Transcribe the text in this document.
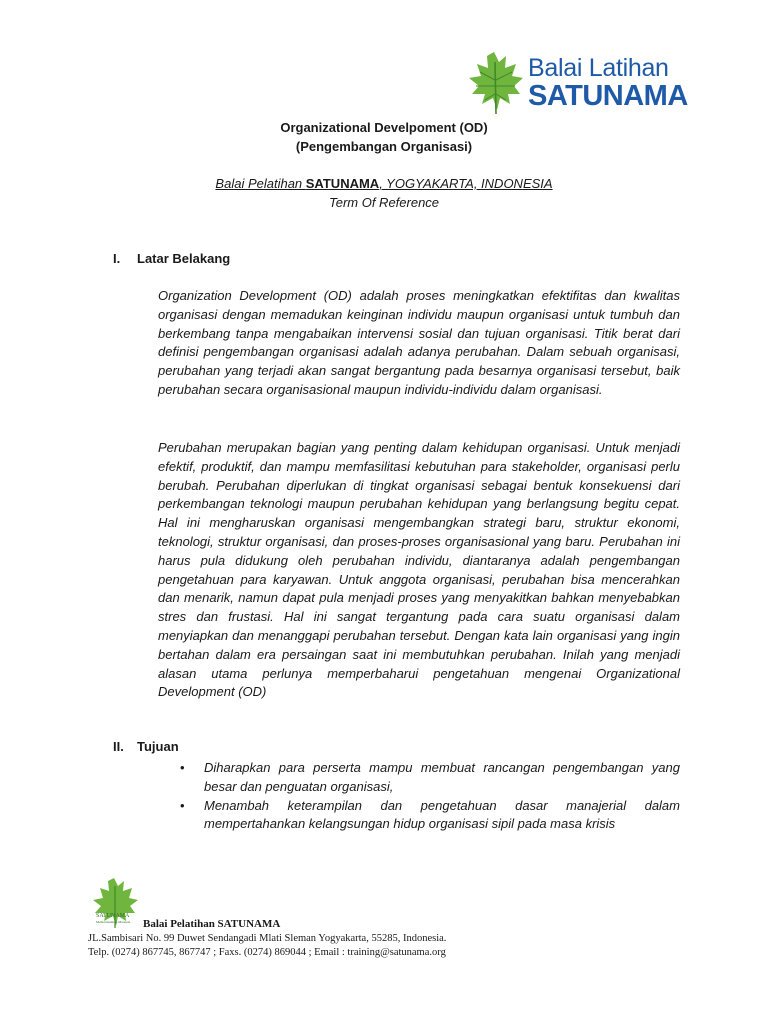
Balai Latihan
SATUNAMA
Organizational Develpoment (OD)
(Pengembangan Organisasi)
Balai Pelatihan SATUNAMA, YOGYAKARTA, INDONESIA
Term Of Reference
I. Latar Belakang

Organization Development (OD) adalah proses meningkatkan efektifitas dan kwalitas organisasi dengan memadukan keinginan individu maupun organisasi untuk tumbuh dan berkembang tanpa mengabaikan intervensi sosial dan tujuan organisasi. Titik berat dari definisi pengembangan organisasi adalah adanya perubahan. Dalam sebuah organisasi, perubahan yang terjadi akan sangat bergantung pada besarnya organisasi tersebut, baik perubahan secara organisasional maupun individu-individu dalam organisasi.

Perubahan merupakan bagian yang penting dalam kehidupan organisasi. Untuk menjadi efektif, produktif, dan mampu memfasilitasi kebutuhan para stakeholder, organisasi perlu berubah. Perubahan diperlukan di tingkat organisasi sebagai bentuk konsekuensi dari perkembangan teknologi maupun perubahan kehidupan yang berlangsung begitu cepat. Hal ini mengharuskan organisasi mengembangkan strategi baru, struktur ekonomi, teknologi, struktur organisasi, dan proses-proses organisasional yang baru. Perubahan ini harus pula didukung oleh perubahan individu, diantaranya adalah pengembangan pengetahuan para karyawan. Untuk anggota organisasi, perubahan bisa mencerahkan dan menarik, namun dapat pula menjadi proses yang menyakitkan bahkan menyebabkan stres dan frustasi. Hal ini sangat tergantung pada cara suatu organisasi dalam menyiapkan dan menanggapi perubahan tersebut. Dengan kata lain organisasi yang ingin bertahan dalam era persaingan saat ini membutuhkan perubahan. Inilah yang menjadi alasan utama perlunya memperbaharui pengetahuan mengenai Organizational Development (OD)

II. Tujuan
• Diharapkan para perserta mampu membuat rancangan pengembangan yang besar dan penguatan organisasi,
• Menambah keterampilan dan pengetahuan dasar manajerial dalam mempertahankan kelangsungan hidup organisasi sipil pada masa krisis
SATUNAMA
Memanusiakan Manusia Balai Pelatihan SATUNAMA
JL.Sambisari No. 99 Duwet Sendangadi Mlati Sleman Yogyakarta, 55285, Indonesia.
Telp. (0274) 867745, 867747 ; Faxs. (0274) 869044 ; Email : training@satunama.org
